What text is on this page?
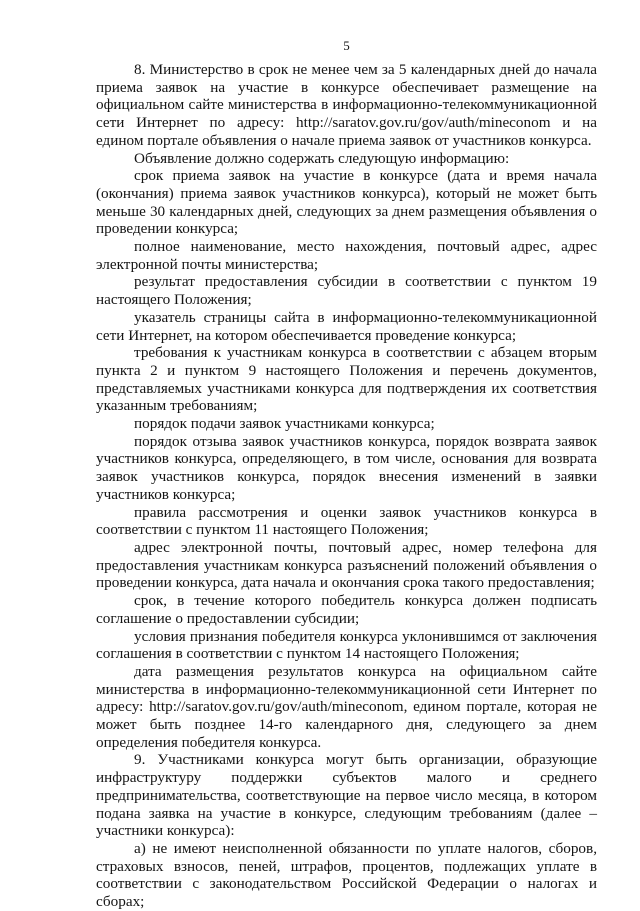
5

8. Министерство в срок не менее чем за 5 календарных дней до начала приема заявок на участие в конкурсе обеспечивает размещение на официальном сайте министерства в информационно-телекоммуникационной сети Интернет по адресу: http://saratov.gov.ru/gov/auth/mineconom и на едином портале объявления о начале приема заявок от участников конкурса.

Объявление должно содержать следующую информацию:

срок приема заявок на участие в конкурсе (дата и время начала (окончания) приема заявок участников конкурса), который не может быть меньше 30 календарных дней, следующих за днем размещения объявления о проведении конкурса;

полное наименование, место нахождения, почтовый адрес, адрес электронной почты министерства;

результат предоставления субсидии в соответствии с пунктом 19 настоящего Положения;

указатель страницы сайта в информационно-телекоммуникационной сети Интернет, на котором обеспечивается проведение конкурса;

требования к участникам конкурса в соответствии с абзацем вторым пункта 2 и пунктом 9 настоящего Положения и перечень документов, представляемых участниками конкурса для подтверждения их соответствия указанным требованиям;

порядок подачи заявок участниками конкурса;

порядок отзыва заявок участников конкурса, порядок возврата заявок участников конкурса, определяющего, в том числе, основания для возврата заявок участников конкурса, порядок внесения изменений в заявки участников конкурса;

правила рассмотрения и оценки заявок участников конкурса в соответствии с пунктом 11 настоящего Положения;

адрес электронной почты, почтовый адрес, номер телефона для предоставления участникам конкурса разъяснений положений объявления о проведении конкурса, дата начала и окончания срока такого предоставления;

срок, в течение которого победитель конкурса должен подписать соглашение о предоставлении субсидии;

условия признания победителя конкурса уклонившимся от заключения соглашения в соответствии с пунктом 14 настоящего Положения;

дата размещения результатов конкурса на официальном сайте министерства в информационно-телекоммуникационной сети Интернет по адресу: http://saratov.gov.ru/gov/auth/mineconom, едином портале, которая не может быть позднее 14-го календарного дня, следующего за днем определения победителя конкурса.

9. Участниками конкурса могут быть организации, образующие инфраструктуру поддержки субъектов малого и среднего предпринимательства, соответствующие на первое число месяца, в котором подана заявка на участие в конкурсе, следующим требованиям (далее – участники конкурса):

а) не имеют неисполненной обязанности по уплате налогов, сборов, страховых взносов, пеней, штрафов, процентов, подлежащих уплате в соответствии с законодательством Российской Федерации о налогах и сборах;
